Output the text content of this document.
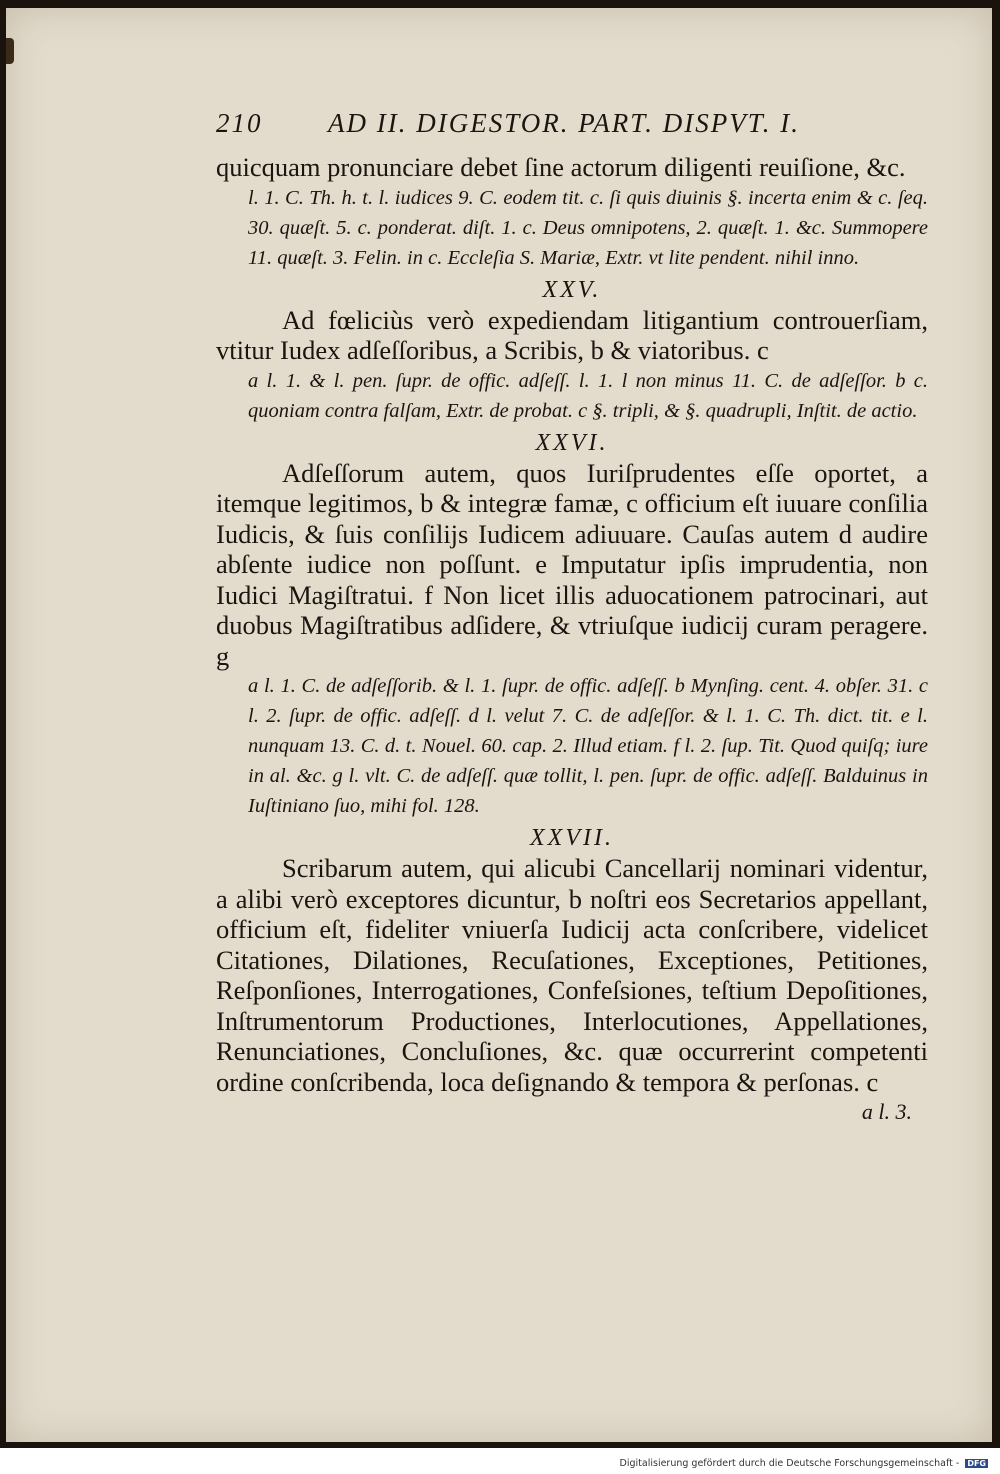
210 AD II. DIGESTOR. PART. DISPVT. I.

quicquam pronunciare debet ſine actorum diligenti reuiſione, &c.

l. 1. C. Th. h. t. l. iudices 9. C. eodem tit. c. ſi quis diuinis §. incerta enim & c. ſeq. 30. quæſt. 5. c. ponderat. diſt. 1. c. Deus omnipotens, 2. quæſt. 1. &c. Summopere 11. quæſt. 3. Felin. in c. Eccleſia S. Mariæ, Extr. vt lite pendent. nihil inno.

XXV.

Ad fœliciùs verò expediendam litigantium controuerſiam, vtitur Iudex adſeſſoribus, a Scribis, b & viatoribus. c

a l. 1. & l. pen. ſupr. de offic. adſeſſ. l. 1. l non minus 11. C. de adſeſſor. b c. quoniam contra falſam, Extr. de probat. c §. tripli, & §. quadrupli, Inſtit. de actio.

XXVI.

Adſeſſorum autem, quos Iuriſprudentes eſſe oportet, a itemque legitimos, b & integræ famæ, c officium eſt iuuare conſilia Iudicis, & ſuis conſilijs Iudicem adiuuare. Cauſas autem d audire abſente iudice non poſſunt. e Imputatur ipſis imprudentia, non Iudici Magiſtratui. f Non licet illis aduocationem patrocinari, aut duobus Magiſtratibus adſidere, & vtriuſque iudicij curam peragere. g

a l. 1. C. de adſeſſorib. & l. 1. ſupr. de offic. adſeſſ. b Mynſing. cent. 4. obſer. 31. c l. 2. ſupr. de offic. adſeſſ. d l. velut 7. C. de adſeſſor. & l. 1. C. Th. dict. tit. e l. nunquam 13. C. d. t. Nouel. 60. cap. 2. Illud etiam. f l. 2. ſup. Tit. Quod quiſq; iure in al. &c. g l. vlt. C. de adſeſſ. quæ tollit, l. pen. ſupr. de offic. adſeſſ. Balduinus in Iuſtiniano ſuo, mihi fol. 128.

XXVII.

Scribarum autem, qui alicubi Cancellarij nominari videntur, a alibi verò exceptores dicuntur, b noſtri eos Secretarios appellant, officium eſt, fideliter vniuerſa Iudicij acta conſcribere, videlicet Citationes, Dilationes, Recuſationes, Exceptiones, Petitiones, Reſponſiones, Interrogationes, Confeſsiones, teſtium Depoſitiones, Inſtrumentorum Productiones, Interlocutiones, Appellationes, Renunciationes, Concluſiones, &c. quæ occurrerint competenti ordine conſcribenda, loca deſignando & tempora & perſonas. c

a l. 3.
Digitalisierung gefördert durch die Deutsche Forschungsgemeinschaft - DFG
